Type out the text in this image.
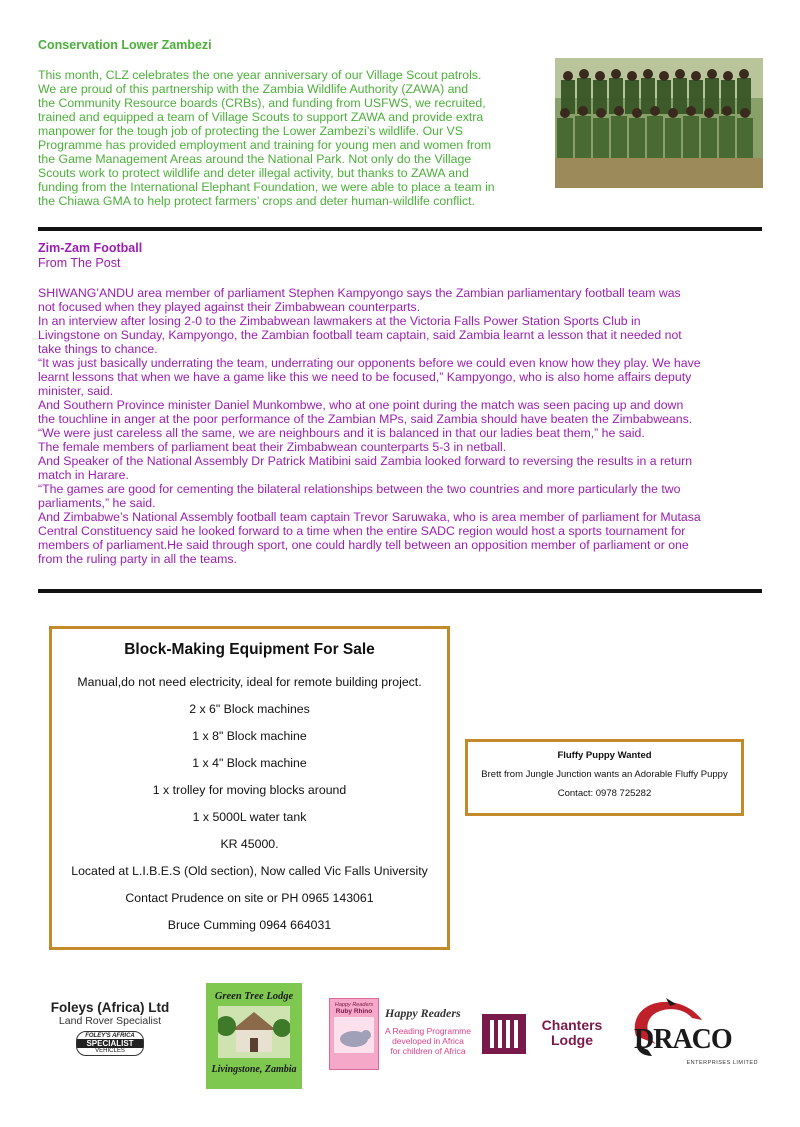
Conservation Lower Zambezi
This month, CLZ celebrates the one year anniversary of our Village Scout patrols.
We are proud of this partnership with the Zambia Wildlife Authority (ZAWA) and
the Community Resource boards (CRBs), and funding from USFWS, we recruited,
trained and equipped a team of Village Scouts to support ZAWA and provide extra
manpower for the tough job of protecting the Lower Zambezi’s wildlife. Our VS
Programme has provided employment and training for young men and women from
the Game Management Areas around the National Park. Not only do the Village
Scouts work to protect wildlife and deter illegal activity, but thanks to ZAWA and
funding from the International Elephant Foundation, we were able to place a team in
the Chiawa GMA to help protect farmers’ crops and deter human-wildlife conflict.
Zim-Zam Football
From The Post
SHIWANG’ANDU area member of parliament Stephen Kampyongo says the Zambian parliamentary football team was
not focused when they played against their Zimbabwean counterparts.
In an interview after losing 2-0 to the Zimbabwean lawmakers at the Victoria Falls Power Station Sports Club in
Livingstone on Sunday, Kampyongo, the Zambian football team captain, said Zambia learnt a lesson that it needed not
take things to chance.
“It was just basically underrating the team, underrating our opponents before we could even know how they play. We have
learnt lessons that when we have a game like this we need to be focused,” Kampyongo, who is also home affairs deputy
minister, said.
And Southern Province minister Daniel Munkombwe, who at one point during the match was seen pacing up and down
the touchline in anger at the poor performance of the Zambian MPs, said Zambia should have beaten the Zimbabweans.
“We were just careless all the same, we are neighbours and it is balanced in that our ladies beat them,” he said.
The female members of parliament beat their Zimbabwean counterparts 5-3 in netball.
And Speaker of the National Assembly Dr Patrick Matibini said Zambia looked forward to reversing the results in a return
match in Harare.
“The games are good for cementing the bilateral relationships between the two countries and more particularly the two
parliaments,” he said.
And Zimbabwe’s National Assembly football team captain Trevor Saruwaka, who is area member of parliament for Mutasa
Central Constituency said he looked forward to a time when the entire SADC region would host a sports tournament for
members of parliament.He said through sport, one could hardly tell between an opposition member of parliament or one
from the ruling party in all the teams.
Block-Making Equipment For Sale
Manual,do not need electricity, ideal for remote building project.
2 x 6" Block machines
1 x 8" Block machine
1 x 4" Block machine
1 x trolley for moving blocks around
1 x 5000L water tank
KR 45000.
Located at L.I.B.E.S (Old section), Now called Vic Falls University
Contact Prudence on site or PH 0965 143061
Bruce Cumming 0964 664031
Fluffy Puppy Wanted
Brett from Jungle Junction wants an Adorable Fluffy Puppy
Contact: 0978 725282
Foleys (Africa) Ltd
Land Rover Specialist
FOLEY'S AFRICA
SPECIALIST
VEHICLES
Green Tree Lodge
Livingstone, Zambia
Happy Readers
Ruby Rhino	Happy Readers
A Reading Programme
developed in Africa
for children of Africa
Chanters
Lodge	DRACO
ENTERPRISES LIMITED
